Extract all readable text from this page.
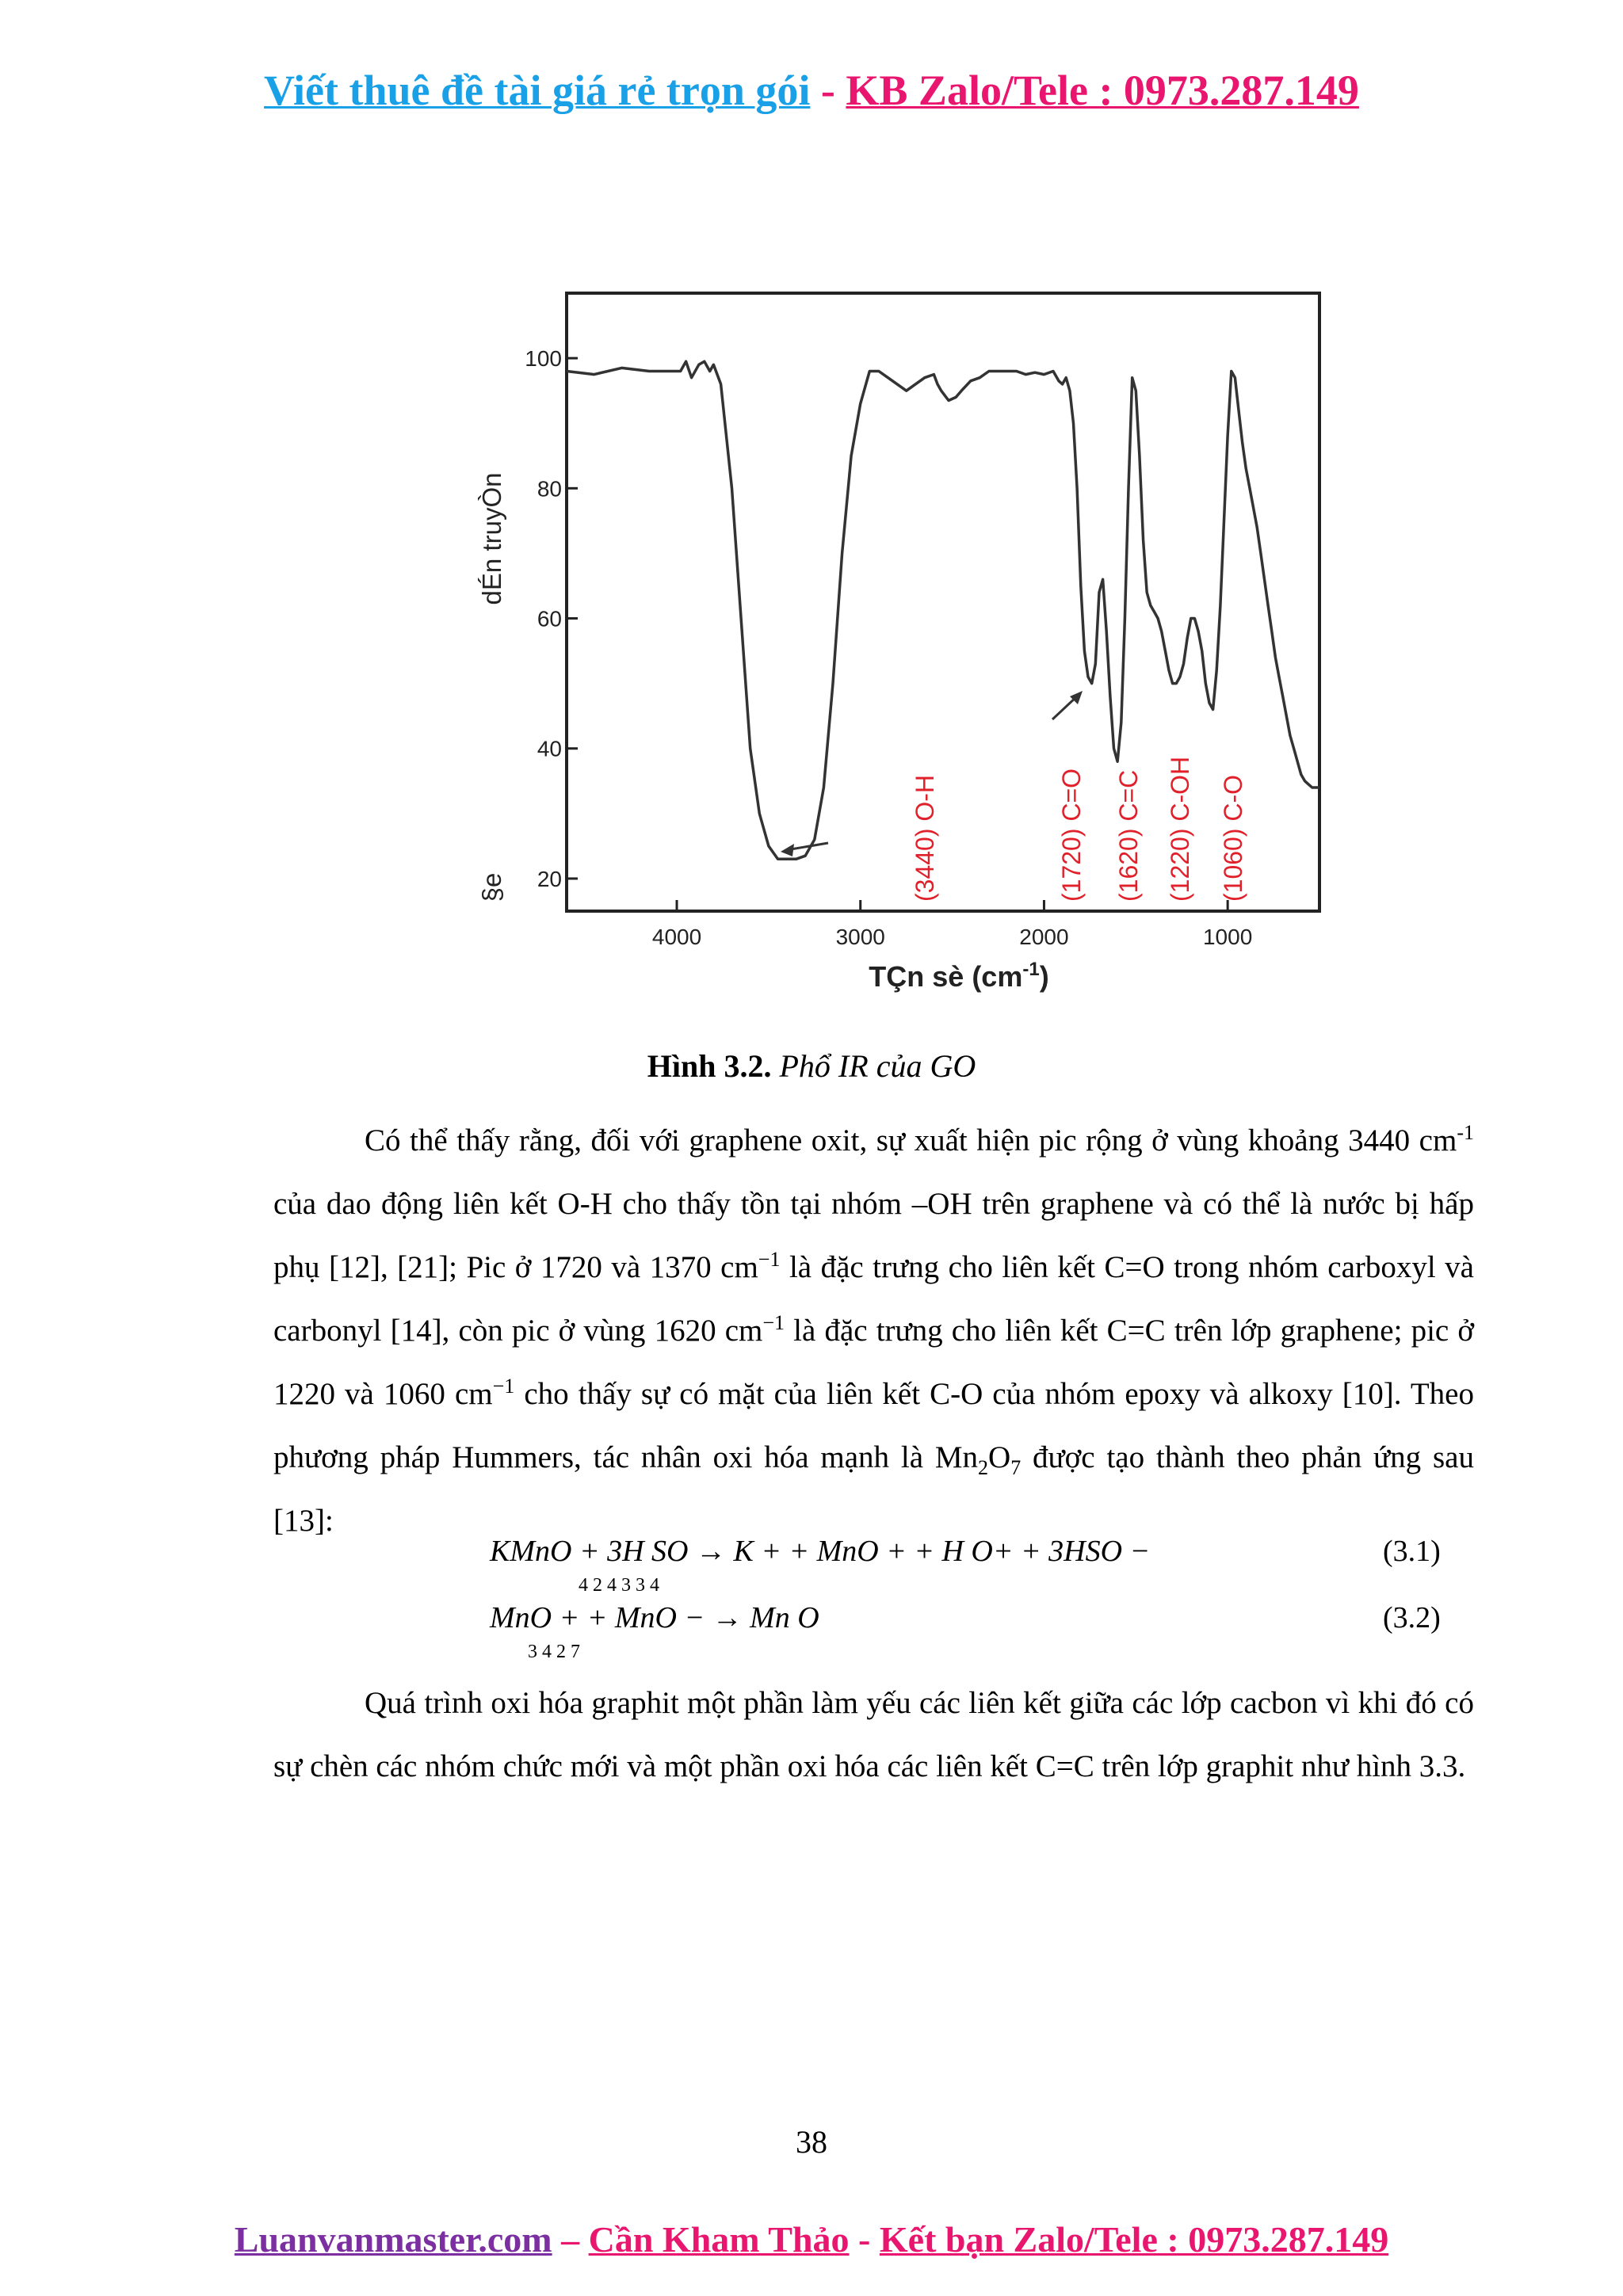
Viết thuê đề tài giá rẻ trọn gói - KB Zalo/Tele : 0973.287.149
100
80
60
40
20
4000	3000	2000	1000
(3440) O-H	(1720) C=O (1620) C=C (1220) C-OH (1060) C-O
dÉn truyÒn
§e
TÇn sè $(cm^{-1})$
Hình 3.2. Phổ IR của GO

Có thể thấy rằng, đối với graphene oxit, sự xuất hiện pic rộng ở vùng khoảng 3440 $cm^{-1}$ của dao động liên kết O-H cho thấy tồn tại nhóm –OH trên graphene và có thể là nước bị hấp phụ [12], [21]; Pic ở 1720 và 1370 $cm^{-1}$ là đặc trưng cho liên kết C=O trong nhóm carboxyl và carbonyl [14], còn pic ở vùng 1620 $cm^{-1}$ là đặc trưng cho liên kết C=C trên lớp graphene; pic ở 1220 và 1060 $cm^{-1}$ cho thấy sự có mặt của liên kết C-O của nhóm epoxy và alkoxy [10]. Theo phương pháp Hummers, tác nhân oxi hóa mạnh là $Mn_2O_7$ được tạo thành theo phản ứng sau [13]:

KMnO + 3H SO → K + + MnO + + H O+ + 3HSO −
4 2 4 3 3 4
(3.1)
MnO + + MnO − → Mn O
3 4 2 7
(3.2)

Quá trình oxi hóa graphit một phần làm yếu các liên kết giữa các lớp cacbon vì khi đó có sự chèn các nhóm chức mới và một phần oxi hóa các liên kết C=C trên lớp graphit như hình 3.3.

38
Luanvanmaster.com – Cần Kham Thảo - Kết bạn Zalo/Tele : 0973.287.149
